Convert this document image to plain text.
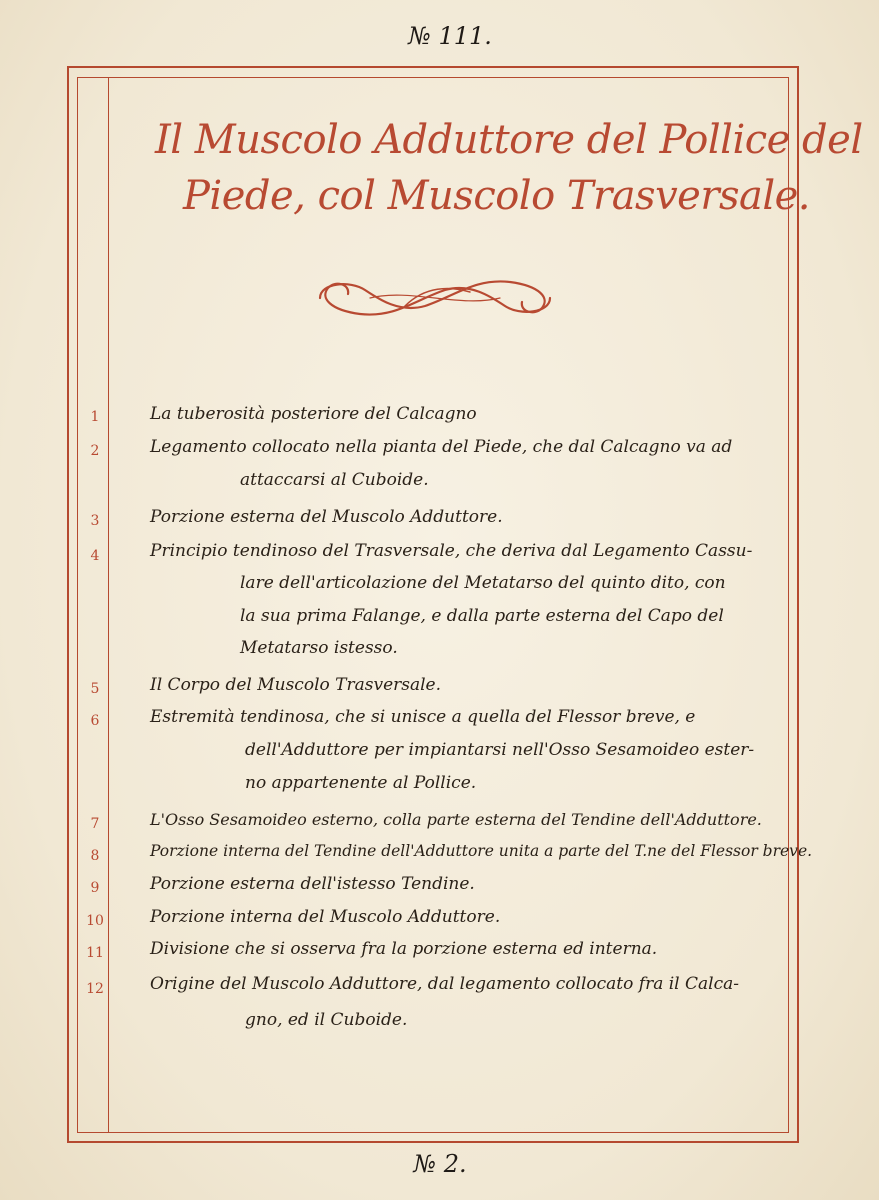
№ 111.
Il Muscolo Adduttore del Pollice del
Piede, col Muscolo Trasversale.
1	La tuberosità posteriore del Calcagno
2	Legamento collocato nella pianta del Piede, che dal Calcagno va ad
attaccarsi al Cuboide.
3	Porzione esterna del Muscolo Adduttore.
4	Principio tendinoso del Trasversale, che deriva dal Legamento Cassu-
lare dell'articolazione del Metatarso del quinto dito, con
la sua prima Falange, e dalla parte esterna del Capo del
Metatarso istesso.
5	Il Corpo del Muscolo Trasversale.
6	Estremità tendinosa, che si unisce a quella del Flessor breve, e
dell'Adduttore per impiantarsi nell'Osso Sesamoideo ester-
no appartenente al Pollice.
7	L'Osso Sesamoideo esterno, colla parte esterna del Tendine dell'Adduttore.
8	Porzione interna del Tendine dell'Adduttore unita a parte del T.ne del Flessor breve.
9	Porzione esterna dell'istesso Tendine.
10	Porzione interna del Muscolo Adduttore.
11	Divisione che si osserva fra la porzione esterna ed interna.
12	Origine del Muscolo Adduttore, dal legamento collocato fra il Calca-
gno, ed il Cuboide.
№ 2.
